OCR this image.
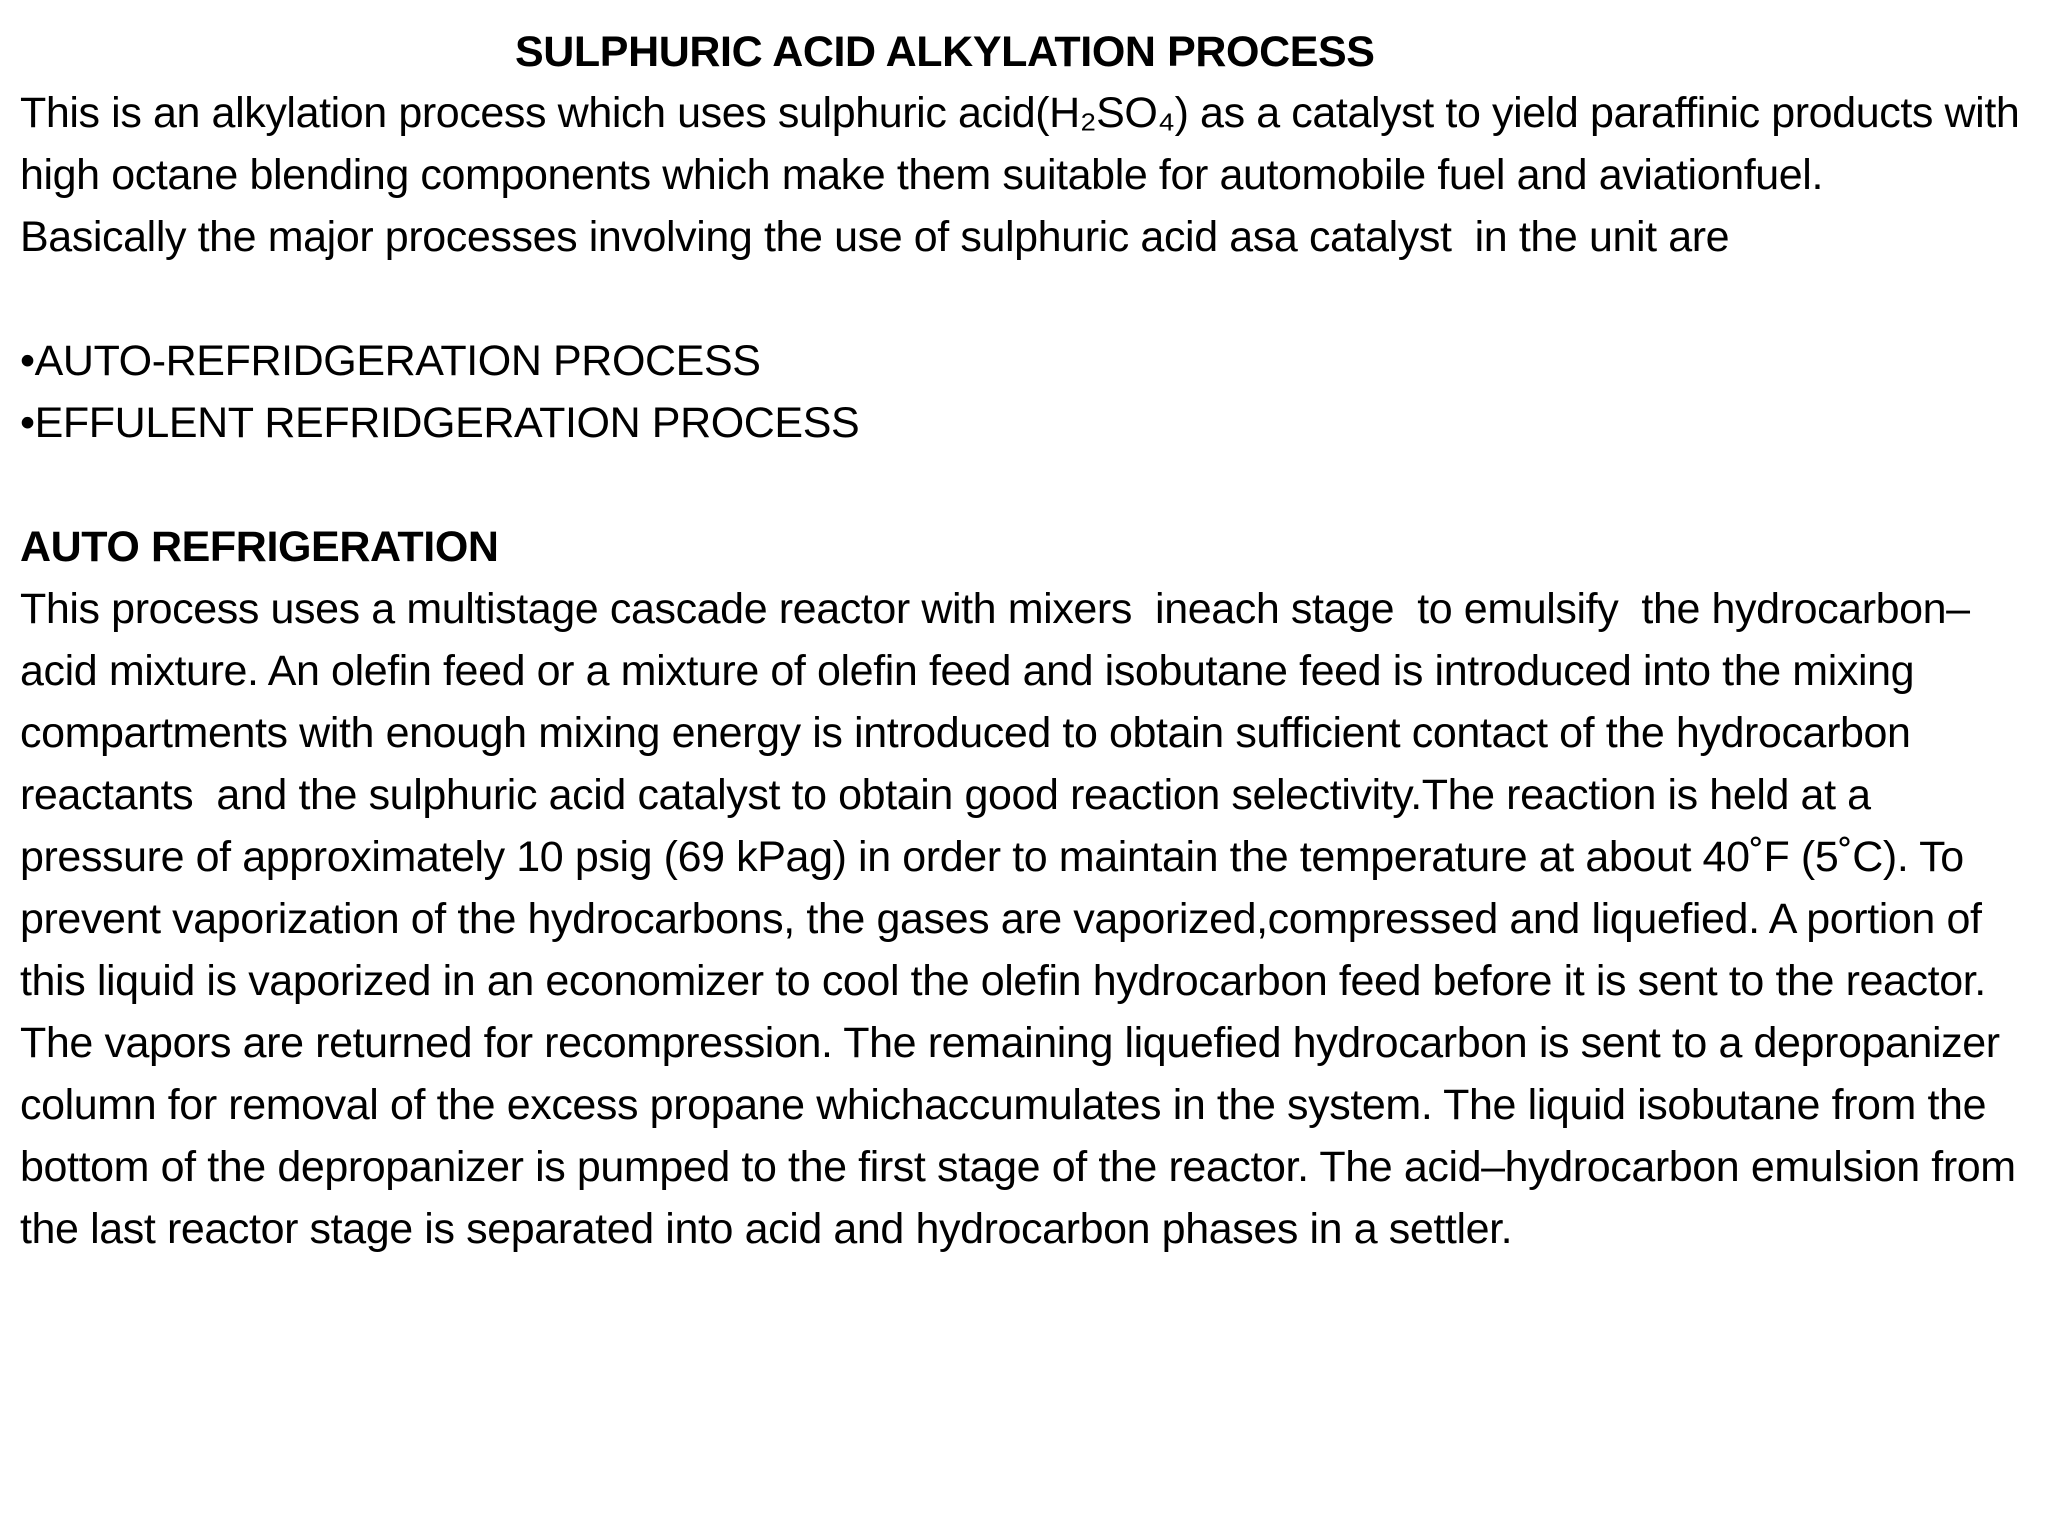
SULPHURIC ACID ALKYLATION PROCESS

This is an alkylation process which uses sulphuric acid(H₂SO₄) as a catalyst to yield paraffinic products with high octane blending components which make them suitable for automobile fuel and aviationfuel.

Basically the major processes involving the use of sulphuric acid asa catalyst  in the unit are

•AUTO-REFRIDGERATION PROCESS
•EFFULENT REFRIDGERATION PROCESS
AUTO REFRIGERATION

This process uses a multistage cascade reactor with mixers  ineach stage  to emulsify  the hydrocarbon–acid mixture. An olefin feed or a mixture of olefin feed and isobutane feed is introduced into the mixing compartments with enough mixing energy is introduced to obtain sufficient contact of the hydrocarbon  reactants  and the sulphuric acid catalyst to obtain good reaction selectivity.The reaction is held at a pressure of approximately 10 psig (69 kPag) in order to maintain the temperature at about 40˚F (5˚C). To prevent vaporization of the hydrocarbons, the gases are vaporized,compressed and liquefied. A portion of this liquid is vaporized in an economizer to cool the olefin hydrocarbon feed before it is sent to the reactor. The vapors are returned for recompression. The remaining liquefied hydrocarbon is sent to a depropanizer column for removal of the excess propane whichaccumulates in the system. The liquid isobutane from the bottom of the depropanizer is pumped to the first stage of the reactor. The acid–hydrocarbon emulsion from the last reactor stage is separated into acid and hydrocarbon phases in a settler.
